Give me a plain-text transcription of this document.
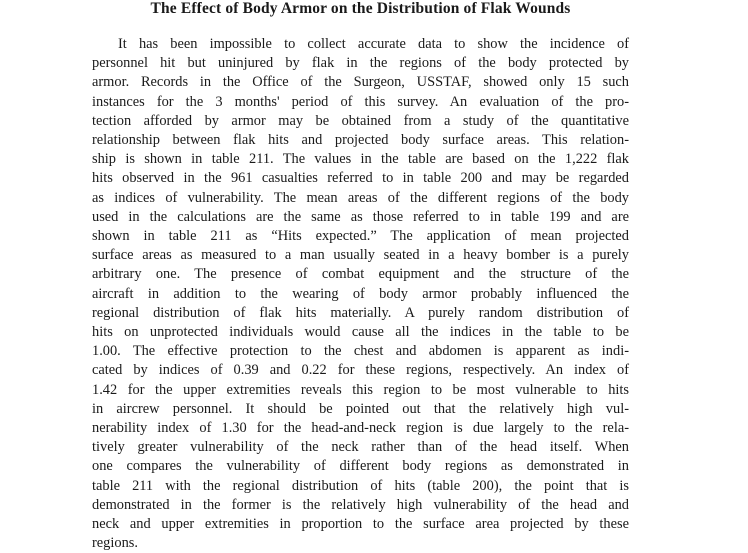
The Effect of Body Armor on the Distribution of Flak Wounds
It has been impossible to collect accurate data to show the incidence of
personnel hit but uninjured by flak in the regions of the body protected by
armor. Records in the Office of the Surgeon, USSTAF, showed only 15 such
instances for the 3 months' period of this survey. An evaluation of the pro-
tection afforded by armor may be obtained from a study of the quantitative
relationship between flak hits and projected body surface areas. This relation-
ship is shown in table 211. The values in the table are based on the 1,222 flak
hits observed in the 961 casualties referred to in table 200 and may be regarded
as indices of vulnerability. The mean areas of the different regions of the body
used in the calculations are the same as those referred to in table 199 and are
shown in table 211 as “Hits expected.” The application of mean projected
surface areas as measured to a man usually seated in a heavy bomber is a purely
arbitrary one. The presence of combat equipment and the structure of the
aircraft in addition to the wearing of body armor probably influenced the
regional distribution of flak hits materially. A purely random distribution of
hits on unprotected individuals would cause all the indices in the table to be
1.00. The effective protection to the chest and abdomen is apparent as indi-
cated by indices of 0.39 and 0.22 for these regions, respectively. An index of
1.42 for the upper extremities reveals this region to be most vulnerable to hits
in aircrew personnel. It should be pointed out that the relatively high vul-
nerability index of 1.30 for the head-and-neck region is due largely to the rela-
tively greater vulnerability of the neck rather than of the head itself. When
one compares the vulnerability of different body regions as demonstrated in
table 211 with the regional distribution of hits (table 200), the point that is
demonstrated in the former is the relatively high vulnerability of the head and
neck and upper extremities in proportion to the surface area projected by these
regions.
